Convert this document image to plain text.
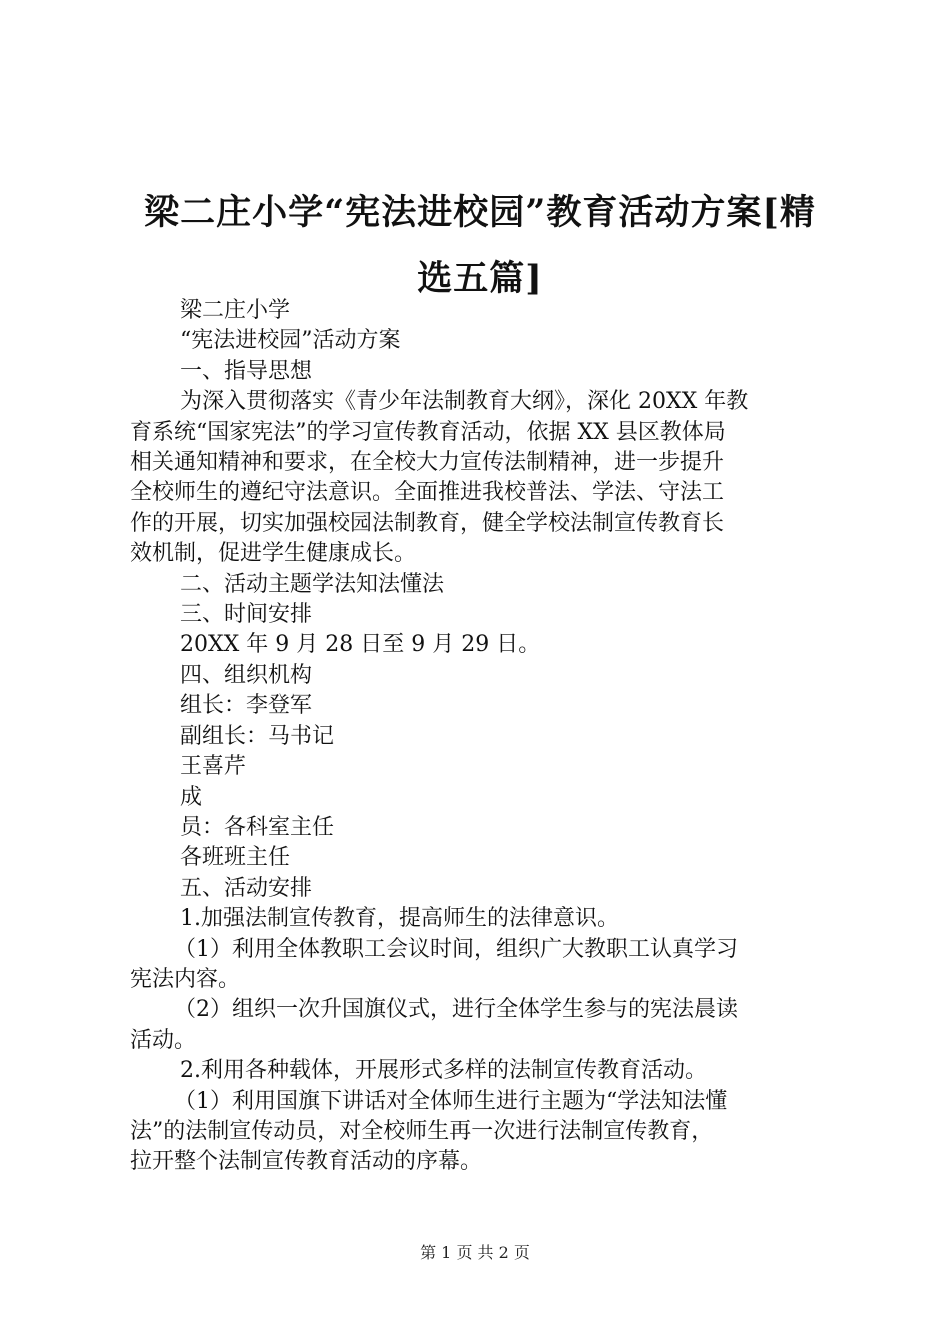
梁二庄小学“宪法进校园”教育活动方案[精
选五篇]
梁二庄小学
“宪法进校园”活动方案
一、指导思想
为深入贯彻落实《青少年法制教育大纲》，深化 20XX 年教
育系统“国家宪法”的学习宣传教育活动，依据 XX 县区教体局
相关通知精神和要求，在全校大力宣传法制精神，进一步提升
全校师生的遵纪守法意识。全面推进我校普法、学法、守法工
作的开展，切实加强校园法制教育，健全学校法制宣传教育长
效机制，促进学生健康成长。
二、活动主题学法知法懂法
三、时间安排
20XX 年 9 月 28 日至 9 月 29 日。
四、组织机构
组长：李登军
副组长：马书记
王喜芹
成
员：各科室主任
各班班主任
五、活动安排
1.加强法制宣传教育，提高师生的法律意识。
（1）利用全体教职工会议时间，组织广大教职工认真学习
宪法内容。
（2）组织一次升国旗仪式，进行全体学生参与的宪法晨读
活动。
2.利用各种载体，开展形式多样的法制宣传教育活动。
（1）利用国旗下讲话对全体师生进行主题为“学法知法懂
法”的法制宣传动员，对全校师生再一次进行法制宣传教育，
拉开整个法制宣传教育活动的序幕。
第 1 页 共 2 页
